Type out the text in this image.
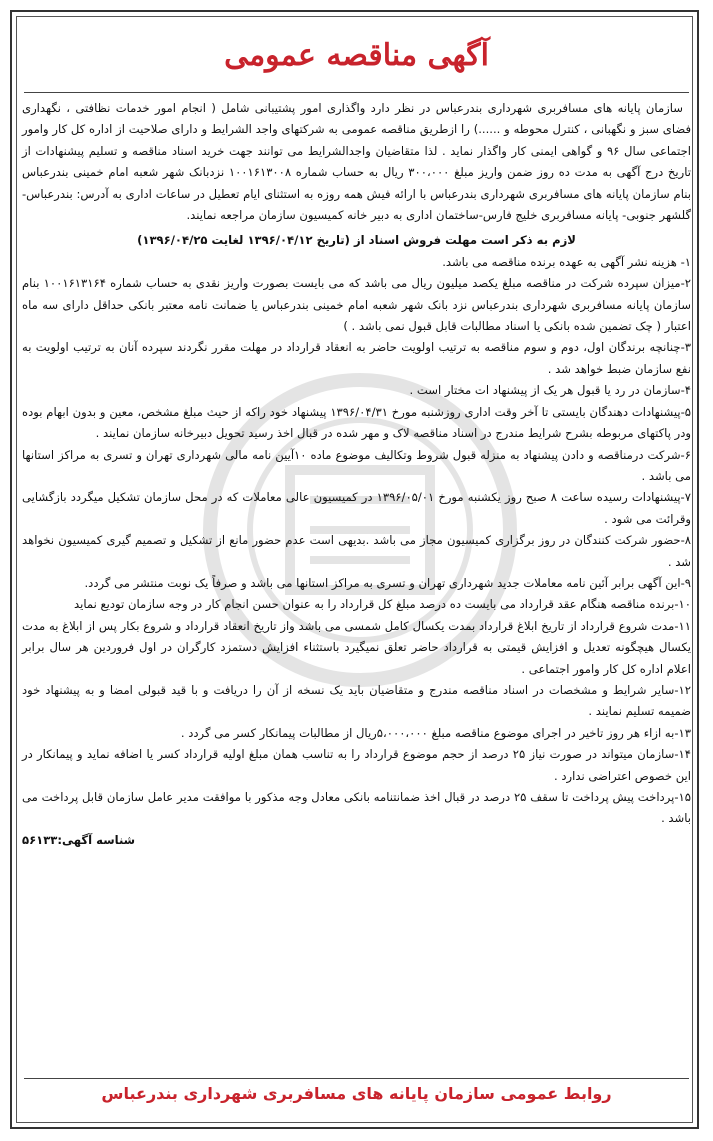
آگهی مناقصه عمومی

سازمان پایانه های مسافربری شهرداری بندرعباس در نظر دارد واگذاری امور پشتیبانی شامل ( انجام امور خدمات نظافتی ، نگهداری فضای سبز و نگهبانی ، کنترل محوطه و ......) را ازطریق مناقصه عمومی به شرکتهای واجد الشرایط و دارای صلاحیت از اداره کل کار وامور اجتماعی سال ۹۶ و گواهی ایمنی کار واگذار نماید . لذا متقاضیان واجدالشرایط می توانند جهت خرید اسناد مناقصه و تسلیم پیشنهادات از تاریخ درج آگهی به مدت ده روز ضمن واریز مبلغ ۳۰۰،۰۰۰ ریال به حساب شماره ۱۰۰۱۶۱۳۰۰۸ نزدبانک شهر شعبه امام خمینی بندرعباس بنام سازمان پایانه های مسافربری شهرداری بندرعباس با ارائه فیش همه روزه به استثنای ایام تعطیل در ساعات اداری به آدرس: بندرعباس-گلشهر جنوبی- پایانه مسافربری خلیج فارس-ساختمان اداری به دبیر خانه کمیسیون سازمان مراجعه نمایند.

لازم به ذکر است مهلت فروش اسناد از (تاریخ ۱۳۹۶/۰۴/۱۲ لغایت ۱۳۹۶/۰۴/۲۵)

۱- هزینه نشر آگهی به عهده برنده مناقصه می باشد.

۲-میزان سپرده شرکت در مناقصه مبلغ یکصد میلیون ریال می باشد که می بایست بصورت واریز نقدی به حساب شماره ۱۰۰۱۶۱۳۱۶۴ بنام سازمان پایانه مسافربری شهرداری بندرعباس نزد بانک شهر شعبه امام خمینی بندرعباس یا ضمانت نامه معتبر بانکی حداقل دارای سه ماه اعتبار ( چک تضمین شده بانکی یا اسناد مطالبات قابل قبول نمی باشد . )

۳-چنانچه برندگان اول، دوم و سوم مناقصه به ترتیب اولویت حاضر به انعقاد قرارداد در مهلت مقرر نگردند سپرده آنان به ترتیب اولویت به نفع سازمان ضبط خواهد شد .

۴-سازمان در رد یا قبول هر یک از پیشنهاد ات مختار است .

۵-پیشنهادات دهندگان بایستی تا آخر وقت اداری روزشنبه مورخ ۱۳۹۶/۰۴/۳۱ پیشنهاد خود راکه از حیث مبلغ مشخص، معین و بدون ابهام بوده ودر پاکتهای مربوطه بشرح شرایط مندرج در اسناد مناقصه لاک و مهر شده در قبال اخذ رسید تحویل دبیرخانه سازمان نمایند .

۶-شرکت درمناقصه و دادن پیشنهاد به منزله قبول شروط وتکالیف موضوع ماده ۱۰آیین نامه مالی شهرداری تهران و تسری به مراکز استانها می باشد .

۷-پیشنهادات رسیده ساعت ۸ صبح روز یکشنبه مورخ ۱۳۹۶/۰۵/۰۱ در کمیسیون عالی معاملات که در محل سازمان تشکیل میگردد بازگشایی وقرائت می شود .

۸-حضور شرکت کنندگان در روز برگزاری کمیسیون مجاز می باشد .بدیهی است عدم حضور مانع از تشکیل و تصمیم گیری کمیسیون نخواهد شد .

۹-این آگهی برابر آئین نامه معاملات جدید شهرداری تهران و تسری به مراکز استانها می باشد و صرفاً یک نوبت منتشر می گردد.

۱۰-برنده مناقصه هنگام عقد قرارداد می بایست ده درصد مبلغ کل قرارداد را به عنوان حسن انجام کار در وجه سازمان تودیع نماید

۱۱-مدت شروع قرارداد از تاریخ ابلاغ قرارداد بمدت یکسال کامل شمسی می باشد واز تاریخ انعقاد قرارداد و شروع بکار پس از ابلاغ به مدت یکسال هیچگونه تعدیل و افزایش قیمتی به قرارداد حاضر تعلق نمیگیرد باستثناء افزایش دستمزد کارگران در اول فروردین هر سال برابر اعلام اداره کل کار وامور اجتماعی .

۱۲-سایر شرایط و مشخصات در اسناد مناقصه مندرج و متقاضیان باید یک نسخه از آن را دریافت و با قید قبولی امضا و به پیشنهاد خود ضمیمه تسلیم نمایند .

۱۳-به ازاء هر روز تاخیر در اجرای موضوع مناقصه مبلغ ۵،۰۰۰،۰۰۰ریال از مطالبات پیمانکار کسر می گردد .

۱۴-سازمان میتواند در صورت نیاز ۲۵ درصد از حجم موضوع قرارداد را به تناسب همان مبلغ اولیه قرارداد کسر یا اضافه نماید و پیمانکار در این خصوص اعتراضی ندارد .

۱۵-پرداخت پیش پرداخت تا سقف ۲۵ درصد در قبال اخذ ضمانتنامه بانکی معادل وجه مذکور با موافقت مدیر عامل سازمان قابل پرداخت می باشد .

شناسه آگهی:۵۶۱۳۳
روابط عمومی سازمان پایانه های مسافربری شهرداری بندرعباس
